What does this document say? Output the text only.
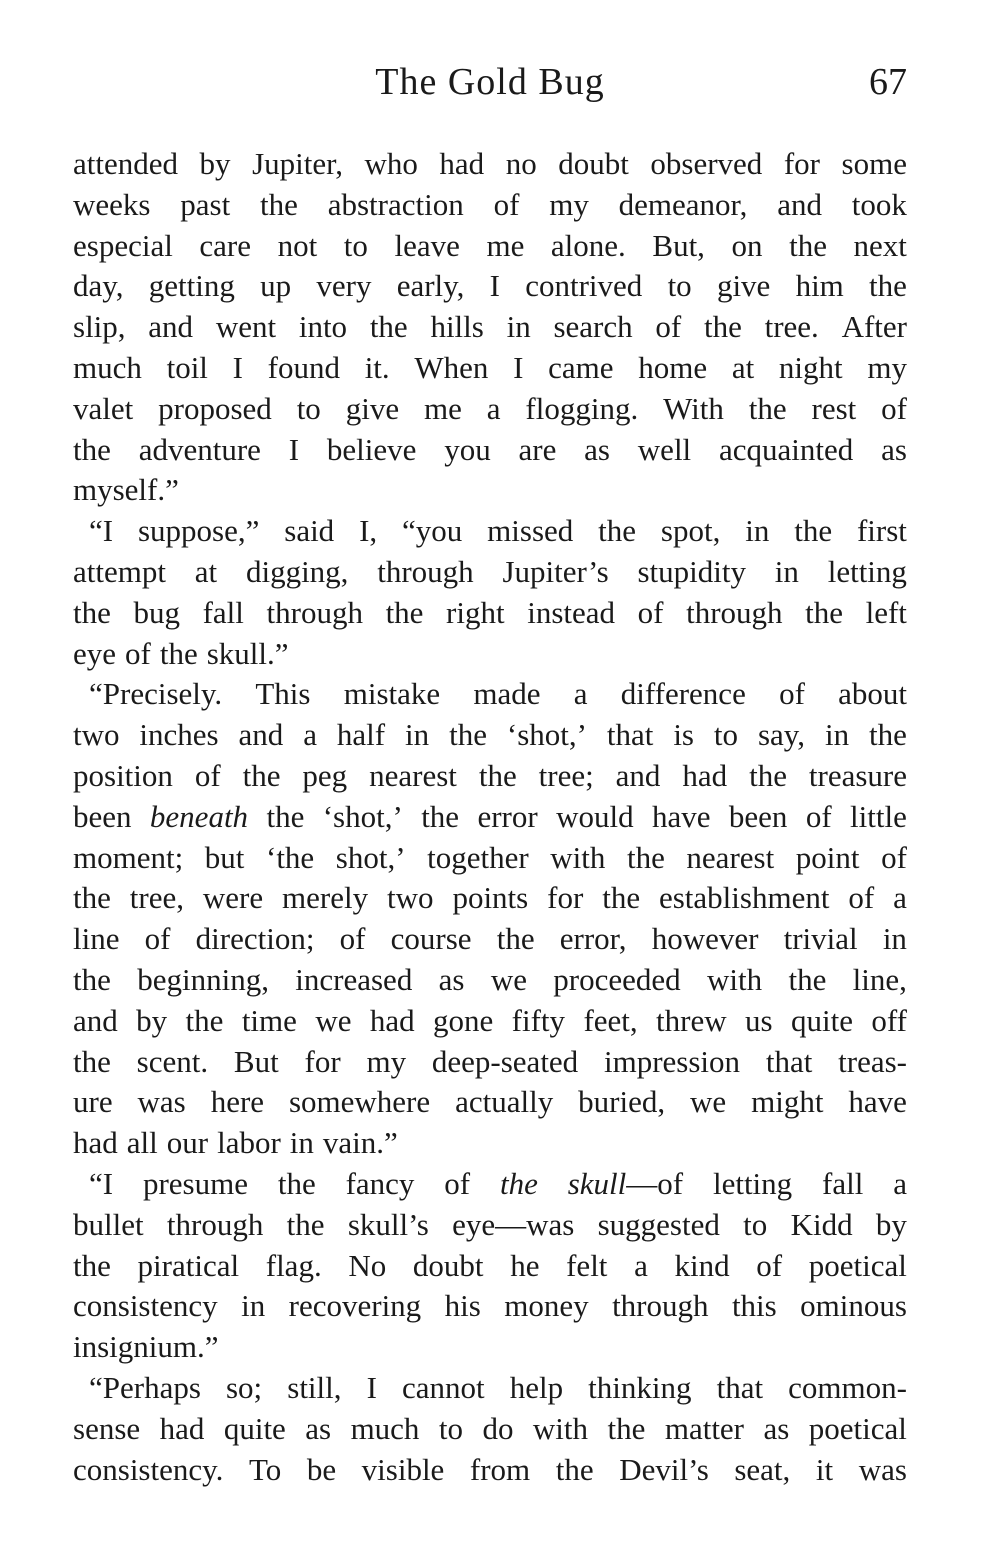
The Gold Bug	67
attended by Jupiter, who had no doubt observed for some
weeks past the abstraction of my demeanor, and took
especial care not to leave me alone. But, on the next
day, getting up very early, I contrived to give him the
slip, and went into the hills in search of the tree. After
much toil I found it. When I came home at night my
valet proposed to give me a flogging. With the rest of
the adventure I believe you are as well acquainted as
myself.”
“I suppose,” said I, “you missed the spot, in the first
attempt at digging, through Jupiter’s stupidity in letting
the bug fall through the right instead of through the left
eye of the skull.”
“Precisely. This mistake made a difference of about
two inches and a half in the ‘shot,’ that is to say, in the
position of the peg nearest the tree; and had the treasure
been beneath the ‘shot,’ the error would have been of little
moment; but ‘the shot,’ together with the nearest point of
the tree, were merely two points for the establishment of a
line of direction; of course the error, however trivial in
the beginning, increased as we proceeded with the line,
and by the time we had gone fifty feet, threw us quite off
the scent. But for my deep-seated impression that treas-
ure was here somewhere actually buried, we might have
had all our labor in vain.”
“I presume the fancy of the skull—of letting fall a
bullet through the skull’s eye—was suggested to Kidd by
the piratical flag. No doubt he felt a kind of poetical
consistency in recovering his money through this ominous
insignium.”
“Perhaps so; still, I cannot help thinking that common-
sense had quite as much to do with the matter as poetical
consistency. To be visible from the Devil’s seat, it was
